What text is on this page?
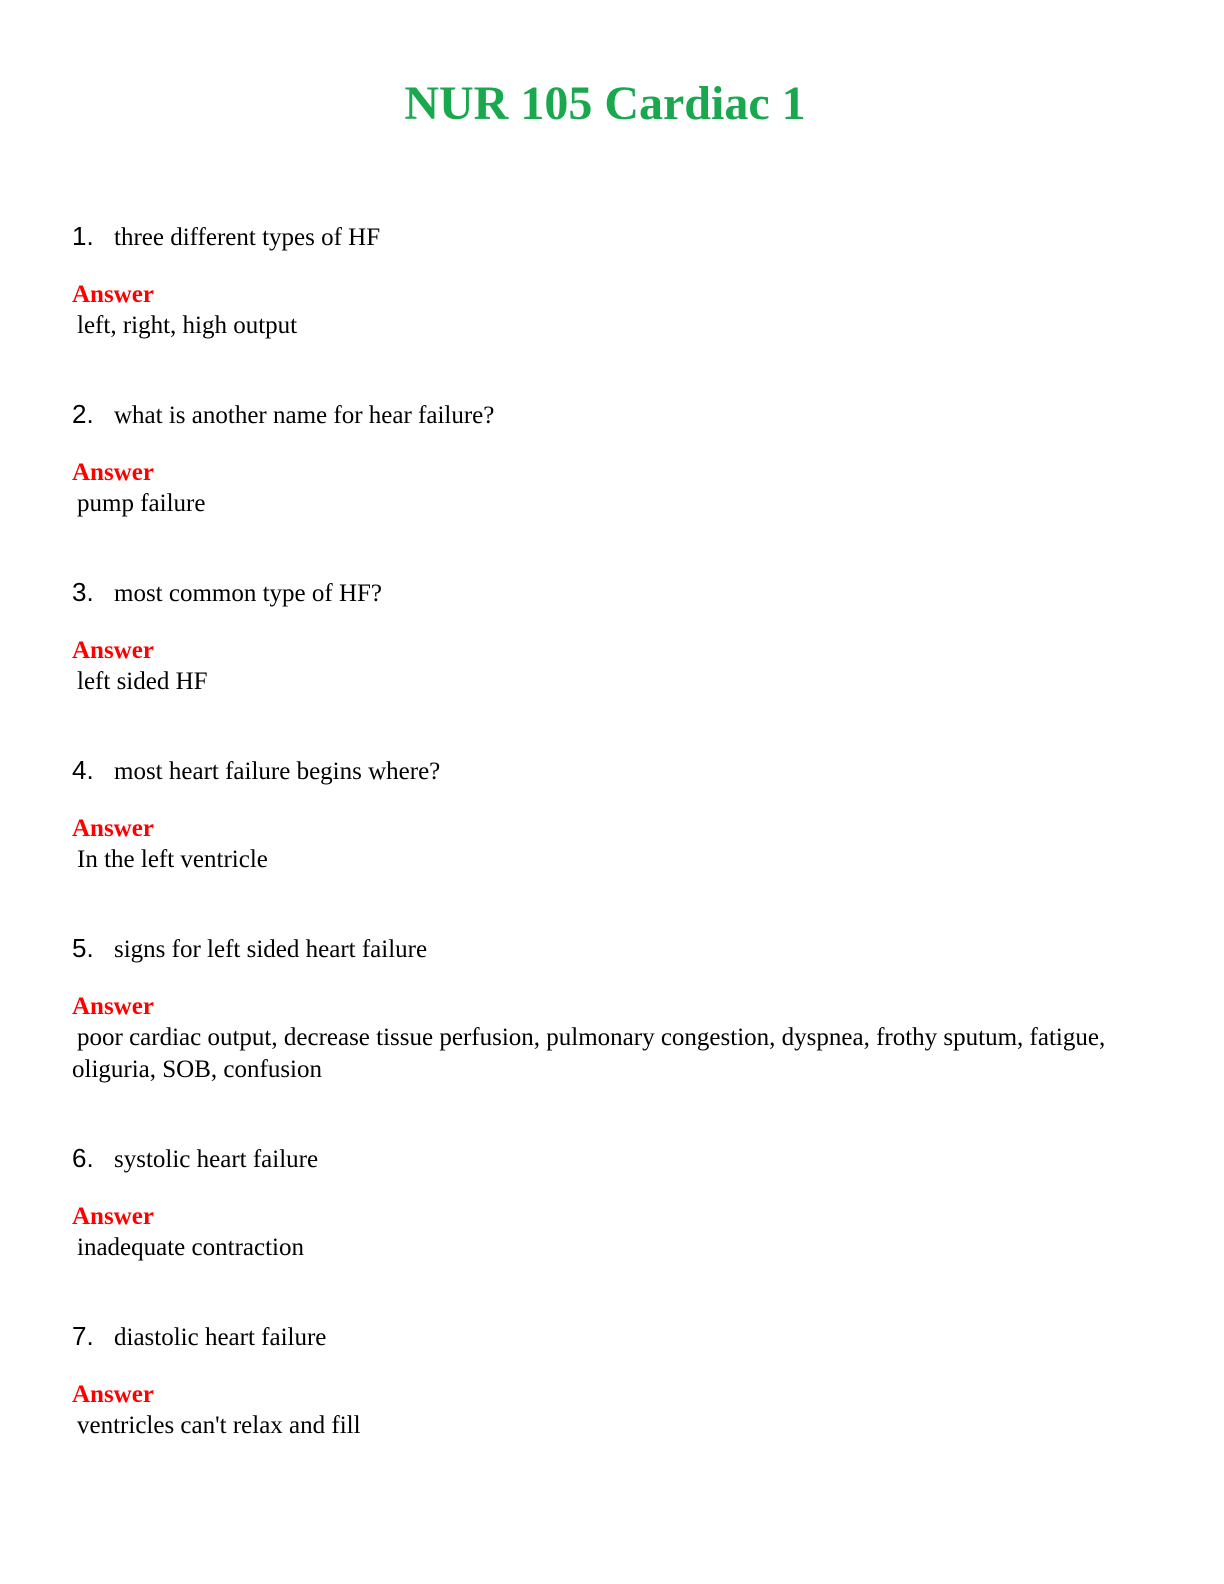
NUR 105 Cardiac 1
1. three different types of HF
Answer
left, right, high output
2. what is another name for hear failure?
Answer
pump failure
3. most common type of HF?
Answer
left sided HF
4. most heart failure begins where?
Answer
In the left ventricle
5. signs for left sided heart failure
Answer
poor cardiac output, decrease tissue perfusion, pulmonary congestion, dyspnea, frothy sputum, fatigue, oliguria, SOB, confusion
6. systolic heart failure
Answer
inadequate contraction
7. diastolic heart failure
Answer
ventricles can't relax and fill
